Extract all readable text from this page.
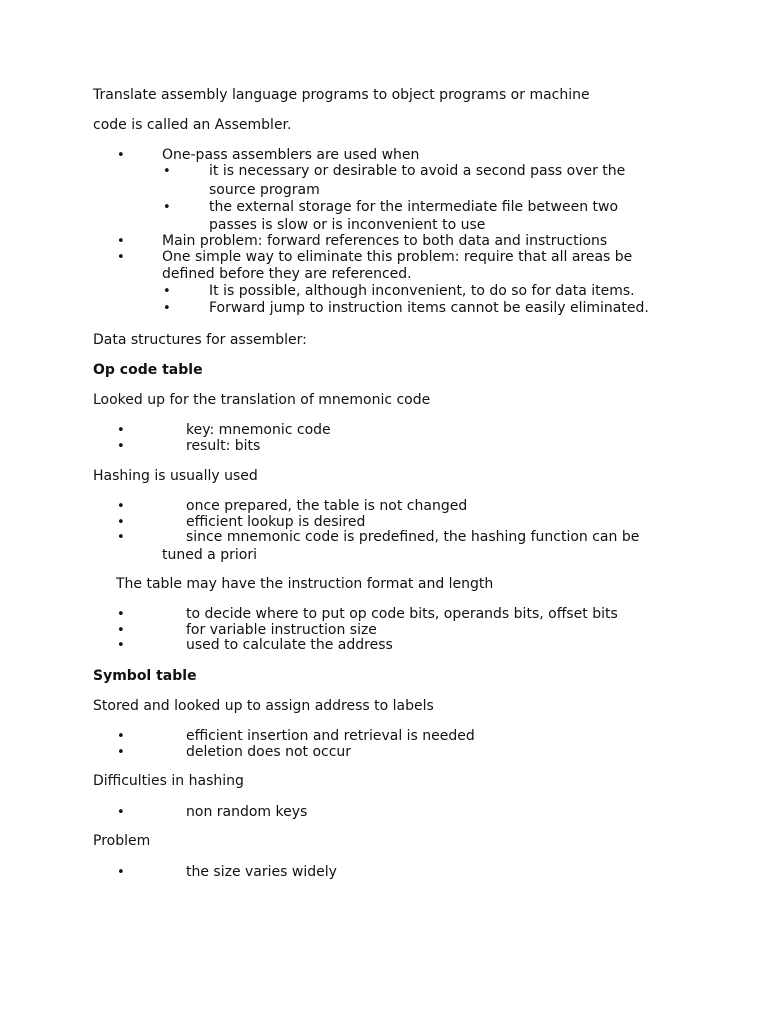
Translate assembly language programs to object programs or machine
code is called an Assembler.
•	One-pass assemblers are used when
•	it is necessary or desirable to avoid a second pass over the
source program
•	the external storage for the intermediate file between two
passes is slow or is inconvenient to use
•	Main problem: forward references to both data and instructions
•	One simple way to eliminate this problem: require that all areas be
defined before they are referenced.
•	It is possible, although inconvenient, to do so for data items.
•	Forward jump to instruction items cannot be easily eliminated.
Data structures for assembler:
Op code table
Looked up for the translation of mnemonic code
•	key: mnemonic code
•	result: bits
Hashing is usually used
•	once prepared, the table is not changed
•	efficient lookup is desired
•	since mnemonic code is predefined, the hashing function can be
tuned a priori
The table may have the instruction format and length
•	to decide where to put op code bits, operands bits, offset bits
•	for variable instruction size
•	used to calculate the address
Symbol table
Stored and looked up to assign address to labels
•	efficient insertion and retrieval is needed
•	deletion does not occur
Difficulties in hashing
•	non random keys
Problem
•	the size varies widely
